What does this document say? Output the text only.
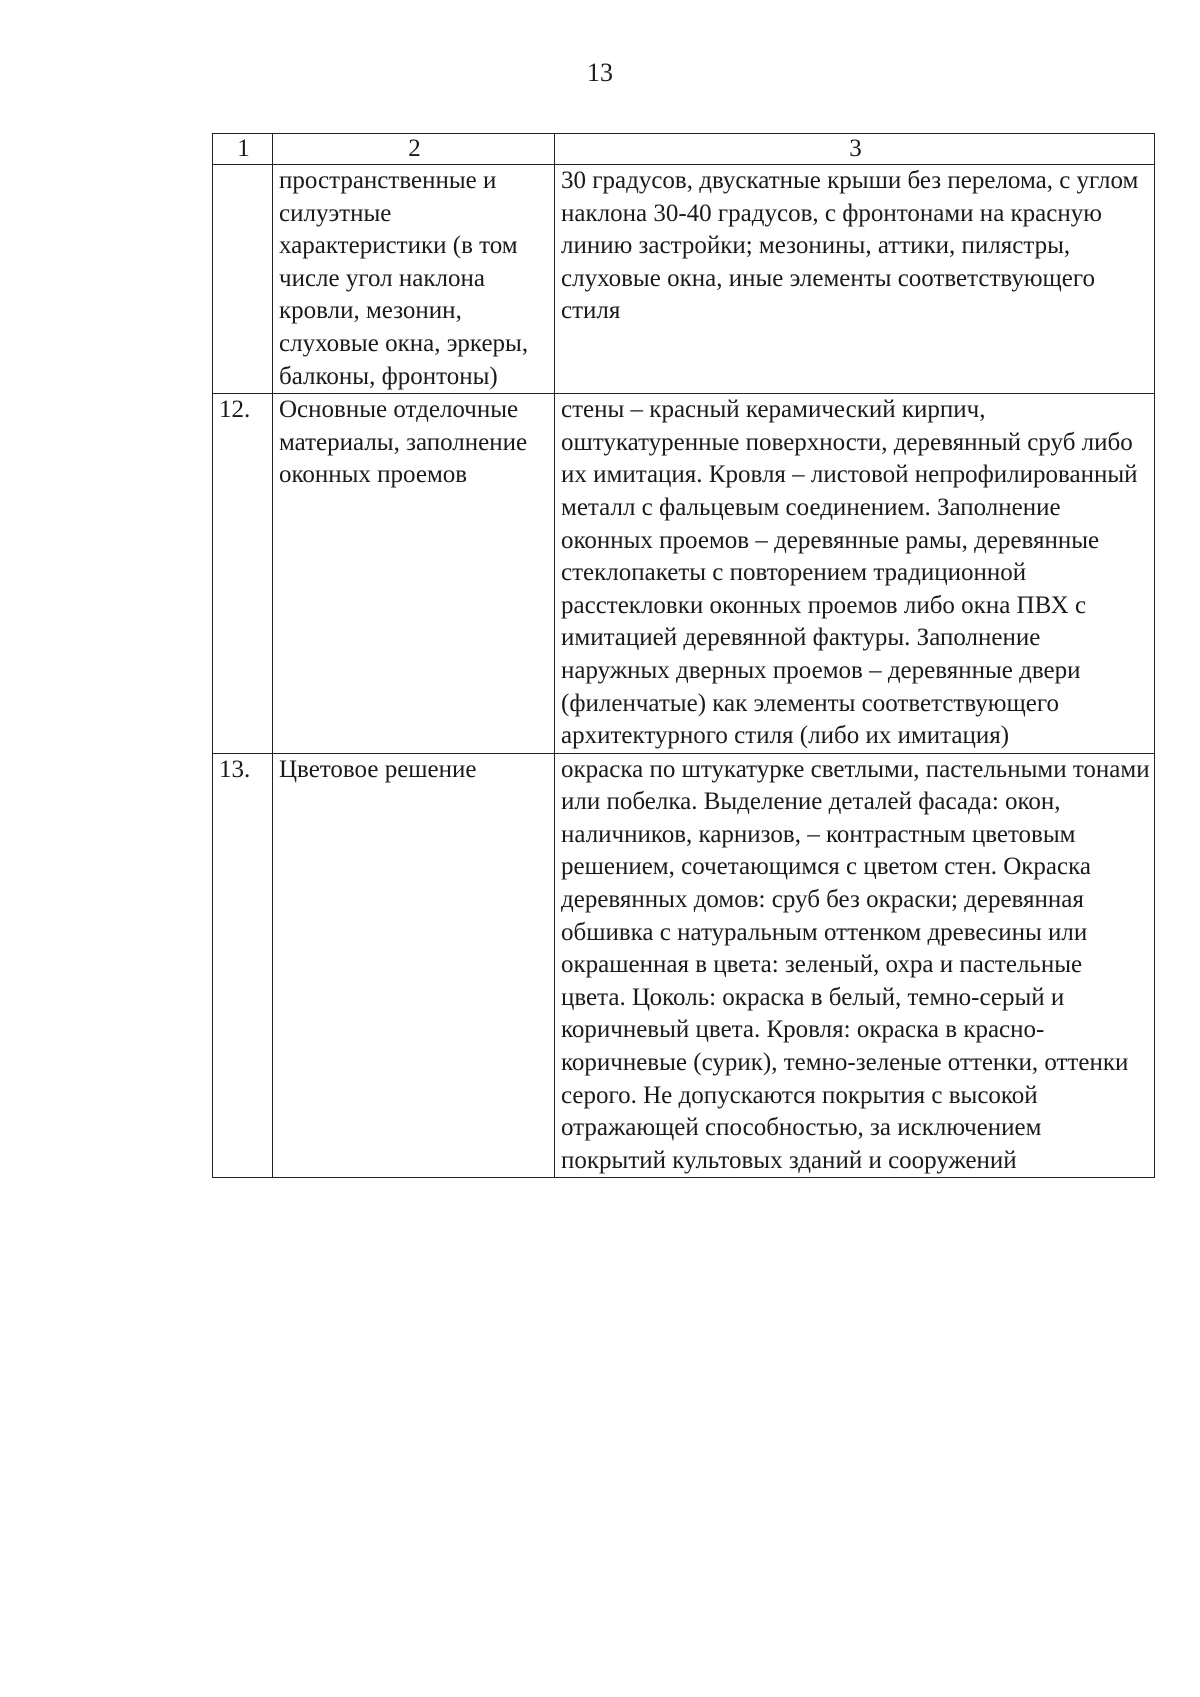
13
1	2	3
	пространственные и силуэтные характеристики (в том числе угол наклона кровли, мезонин, слуховые окна, эркеры, балконы, фронтоны)	30 градусов, двускатные крыши без перелома, с углом наклона 30-40 градусов, с фронтонами на красную линию застройки; мезонины, аттики, пилястры, слуховые окна, иные элементы соответствующего стиля
12.	Основные отделочные материалы, заполнение оконных проемов	стены – красный керамический кирпич, оштукатуренные поверхности, деревянный сруб либо их имитация. Кровля – листовой непрофилированный металл с фальцевым соединением. Заполнение оконных проемов – деревянные рамы, деревянные стеклопакеты с повторением традиционной расстекловки оконных проемов либо окна ПВХ с имитацией деревянной фактуры. Заполнение наружных дверных проемов – деревянные двери (филенчатые) как элементы соответствующего архитектурного стиля (либо их имитация)
13.	Цветовое решение	окраска по штукатурке светлыми, пастельными тонами или побелка. Выделение деталей фасада: окон, наличников, карнизов, – контрастным цветовым решением, сочетающимся с цветом стен. Окраска деревянных домов: сруб без окраски; деревянная обшивка с натуральным оттенком древесины или окрашенная в цвета: зеленый, охра и пастельные цвета. Цоколь: окраска в белый, темно-серый и коричневый цвета. Кровля: окраска в красно-коричневые (сурик), темно-зеленые оттенки, оттенки серого. Не допускаются покрытия с высокой отражающей способностью, за исключением покрытий культовых зданий и сооружений
